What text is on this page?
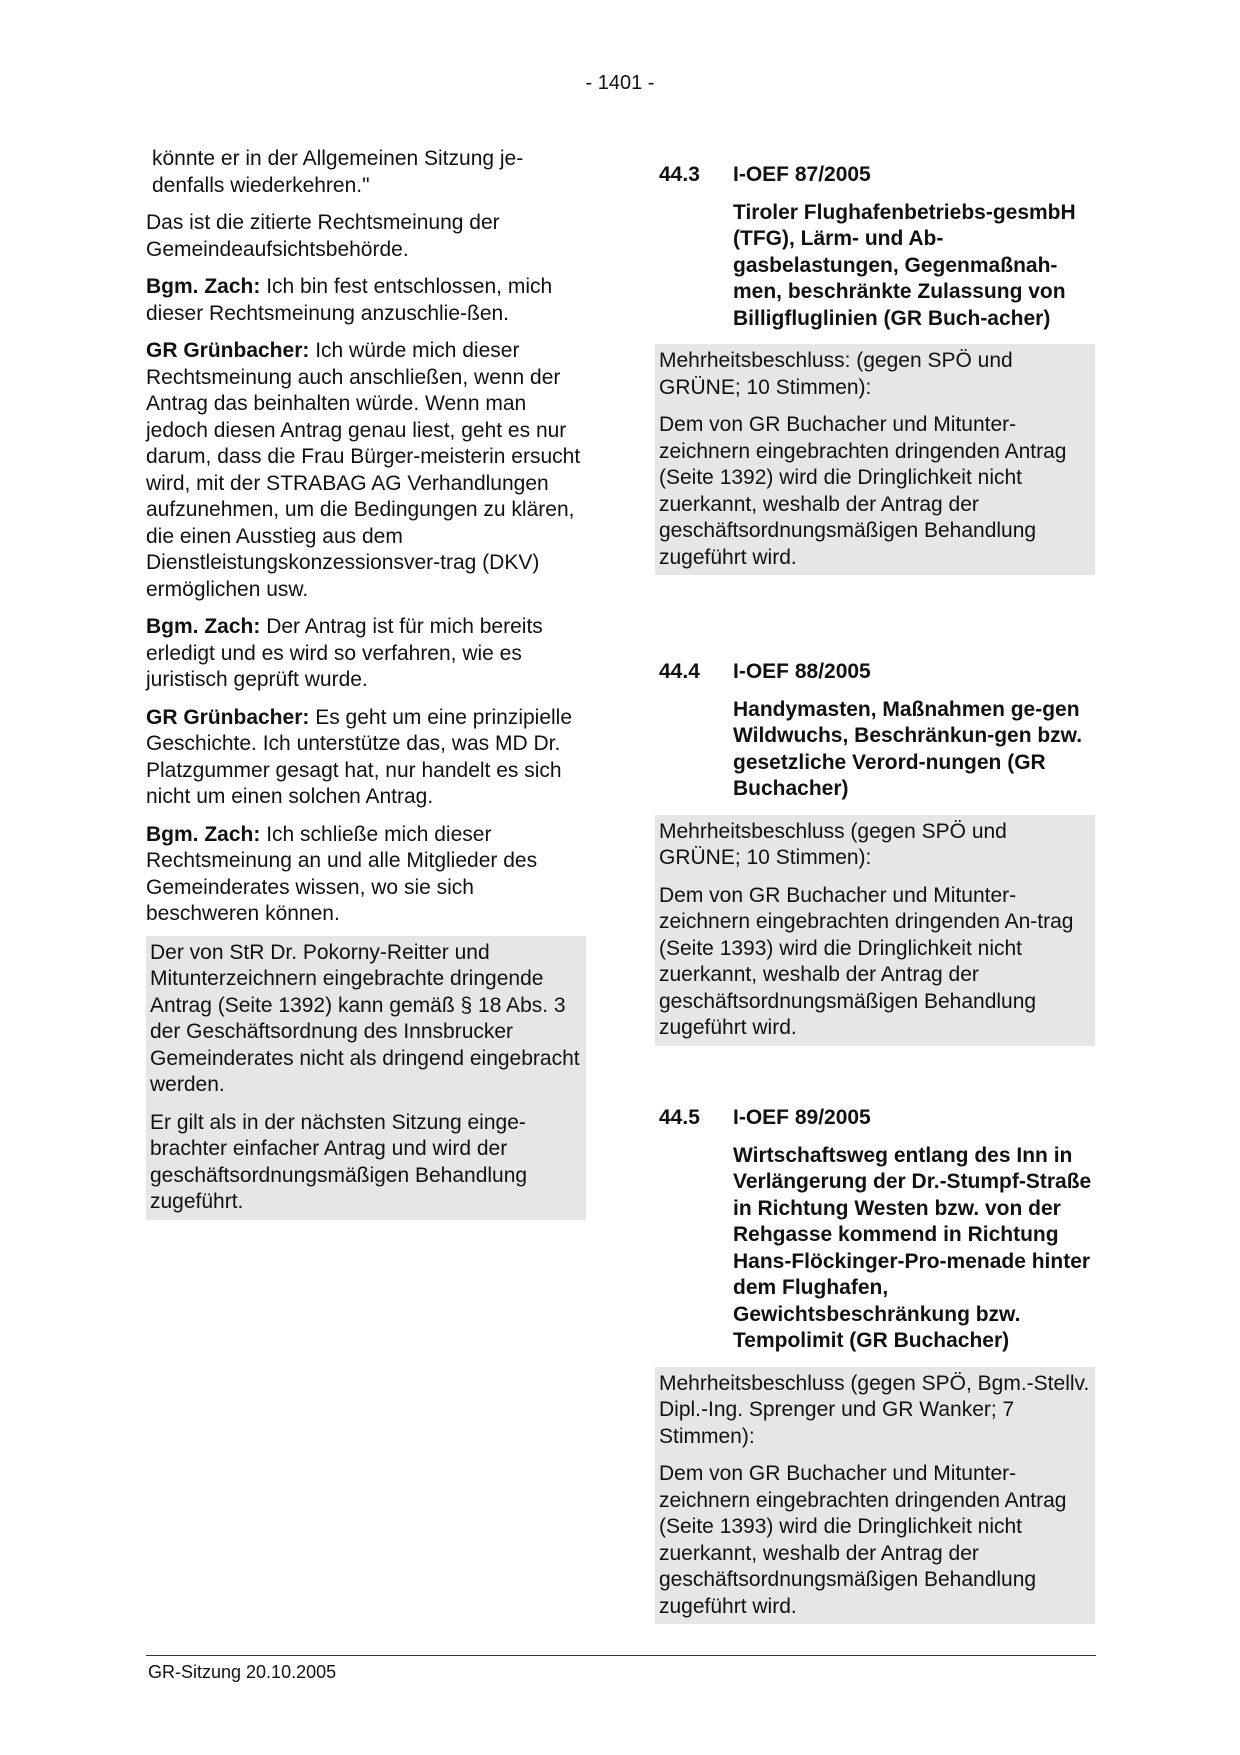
- 1401 -

könnte er in der Allgemeinen Sitzung je-denfalls wiederkehren."

Das ist die zitierte Rechtsmeinung der Gemeindeaufsichtsbehörde.

Bgm. Zach: Ich bin fest entschlossen, mich dieser Rechtsmeinung anzuschlie-ßen.

GR Grünbacher: Ich würde mich dieser Rechtsmeinung auch anschließen, wenn der Antrag das beinhalten würde. Wenn man jedoch diesen Antrag genau liest, geht es nur darum, dass die Frau Bürger-meisterin ersucht wird, mit der STRABAG AG Verhandlungen aufzunehmen, um die Bedingungen zu klären, die einen Ausstieg aus dem Dienstleistungskonzessionsver-trag (DKV) ermöglichen usw.

Bgm. Zach: Der Antrag ist für mich bereits erledigt und es wird so verfahren, wie es juristisch geprüft wurde.

GR Grünbacher: Es geht um eine prinzipielle Geschichte. Ich unterstütze das, was MD Dr. Platzgummer gesagt hat, nur handelt es sich nicht um einen solchen Antrag.

Bgm. Zach: Ich schließe mich dieser Rechtsmeinung an und alle Mitglieder des Gemeinderates wissen, wo sie sich beschweren können.

Der von StR Dr. Pokorny-Reitter und Mitunterzeichnern eingebrachte dringende Antrag (Seite 1392) kann gemäß § 18 Abs. 3 der Geschäftsordnung des Innsbrucker Gemeinderates nicht als dringend eingebracht werden.

Er gilt als in der nächsten Sitzung einge-brachter einfacher Antrag und wird der geschäftsordnungsmäßigen Behandlung zugeführt.

44.3	I-OEF 87/2005
Tiroler Flughafenbetriebs-gesmbH (TFG), Lärm- und Ab-gasbelastungen, Gegenmaßnah-men, beschränkte Zulassung von Billigfluglinien (GR Buch-acher)

Mehrheitsbeschluss: (gegen SPÖ und GRÜNE; 10 Stimmen):

Dem von GR Buchacher und Mitunter-zeichnern eingebrachten dringenden Antrag (Seite 1392) wird die Dringlichkeit nicht zuerkannt, weshalb der Antrag der geschäftsordnungsmäßigen Behandlung zugeführt wird.

44.4	I-OEF 88/2005
Handymasten, Maßnahmen ge-gen Wildwuchs, Beschränkun-gen bzw. gesetzliche Verord-nungen (GR Buchacher)

Mehrheitsbeschluss (gegen SPÖ und GRÜNE; 10 Stimmen):

Dem von GR Buchacher und Mitunter-zeichnern eingebrachten dringenden An-trag (Seite 1393) wird die Dringlichkeit nicht zuerkannt, weshalb der Antrag der geschäftsordnungsmäßigen Behandlung zugeführt wird.

44.5	I-OEF 89/2005
Wirtschaftsweg entlang des Inn in Verlängerung der Dr.-Stumpf-Straße in Richtung Westen bzw. von der Rehgasse kommend in Richtung Hans-Flöckinger-Pro-menade hinter dem Flughafen, Gewichtsbeschränkung bzw. Tempolimit (GR Buchacher)

Mehrheitsbeschluss (gegen SPÖ, Bgm.-Stellv. Dipl.-Ing. Sprenger und GR Wanker; 7 Stimmen):

Dem von GR Buchacher und Mitunter-zeichnern eingebrachten dringenden Antrag (Seite 1393) wird die Dringlichkeit nicht zuerkannt, weshalb der Antrag der geschäftsordnungsmäßigen Behandlung zugeführt wird.

GR-Sitzung 20.10.2005
